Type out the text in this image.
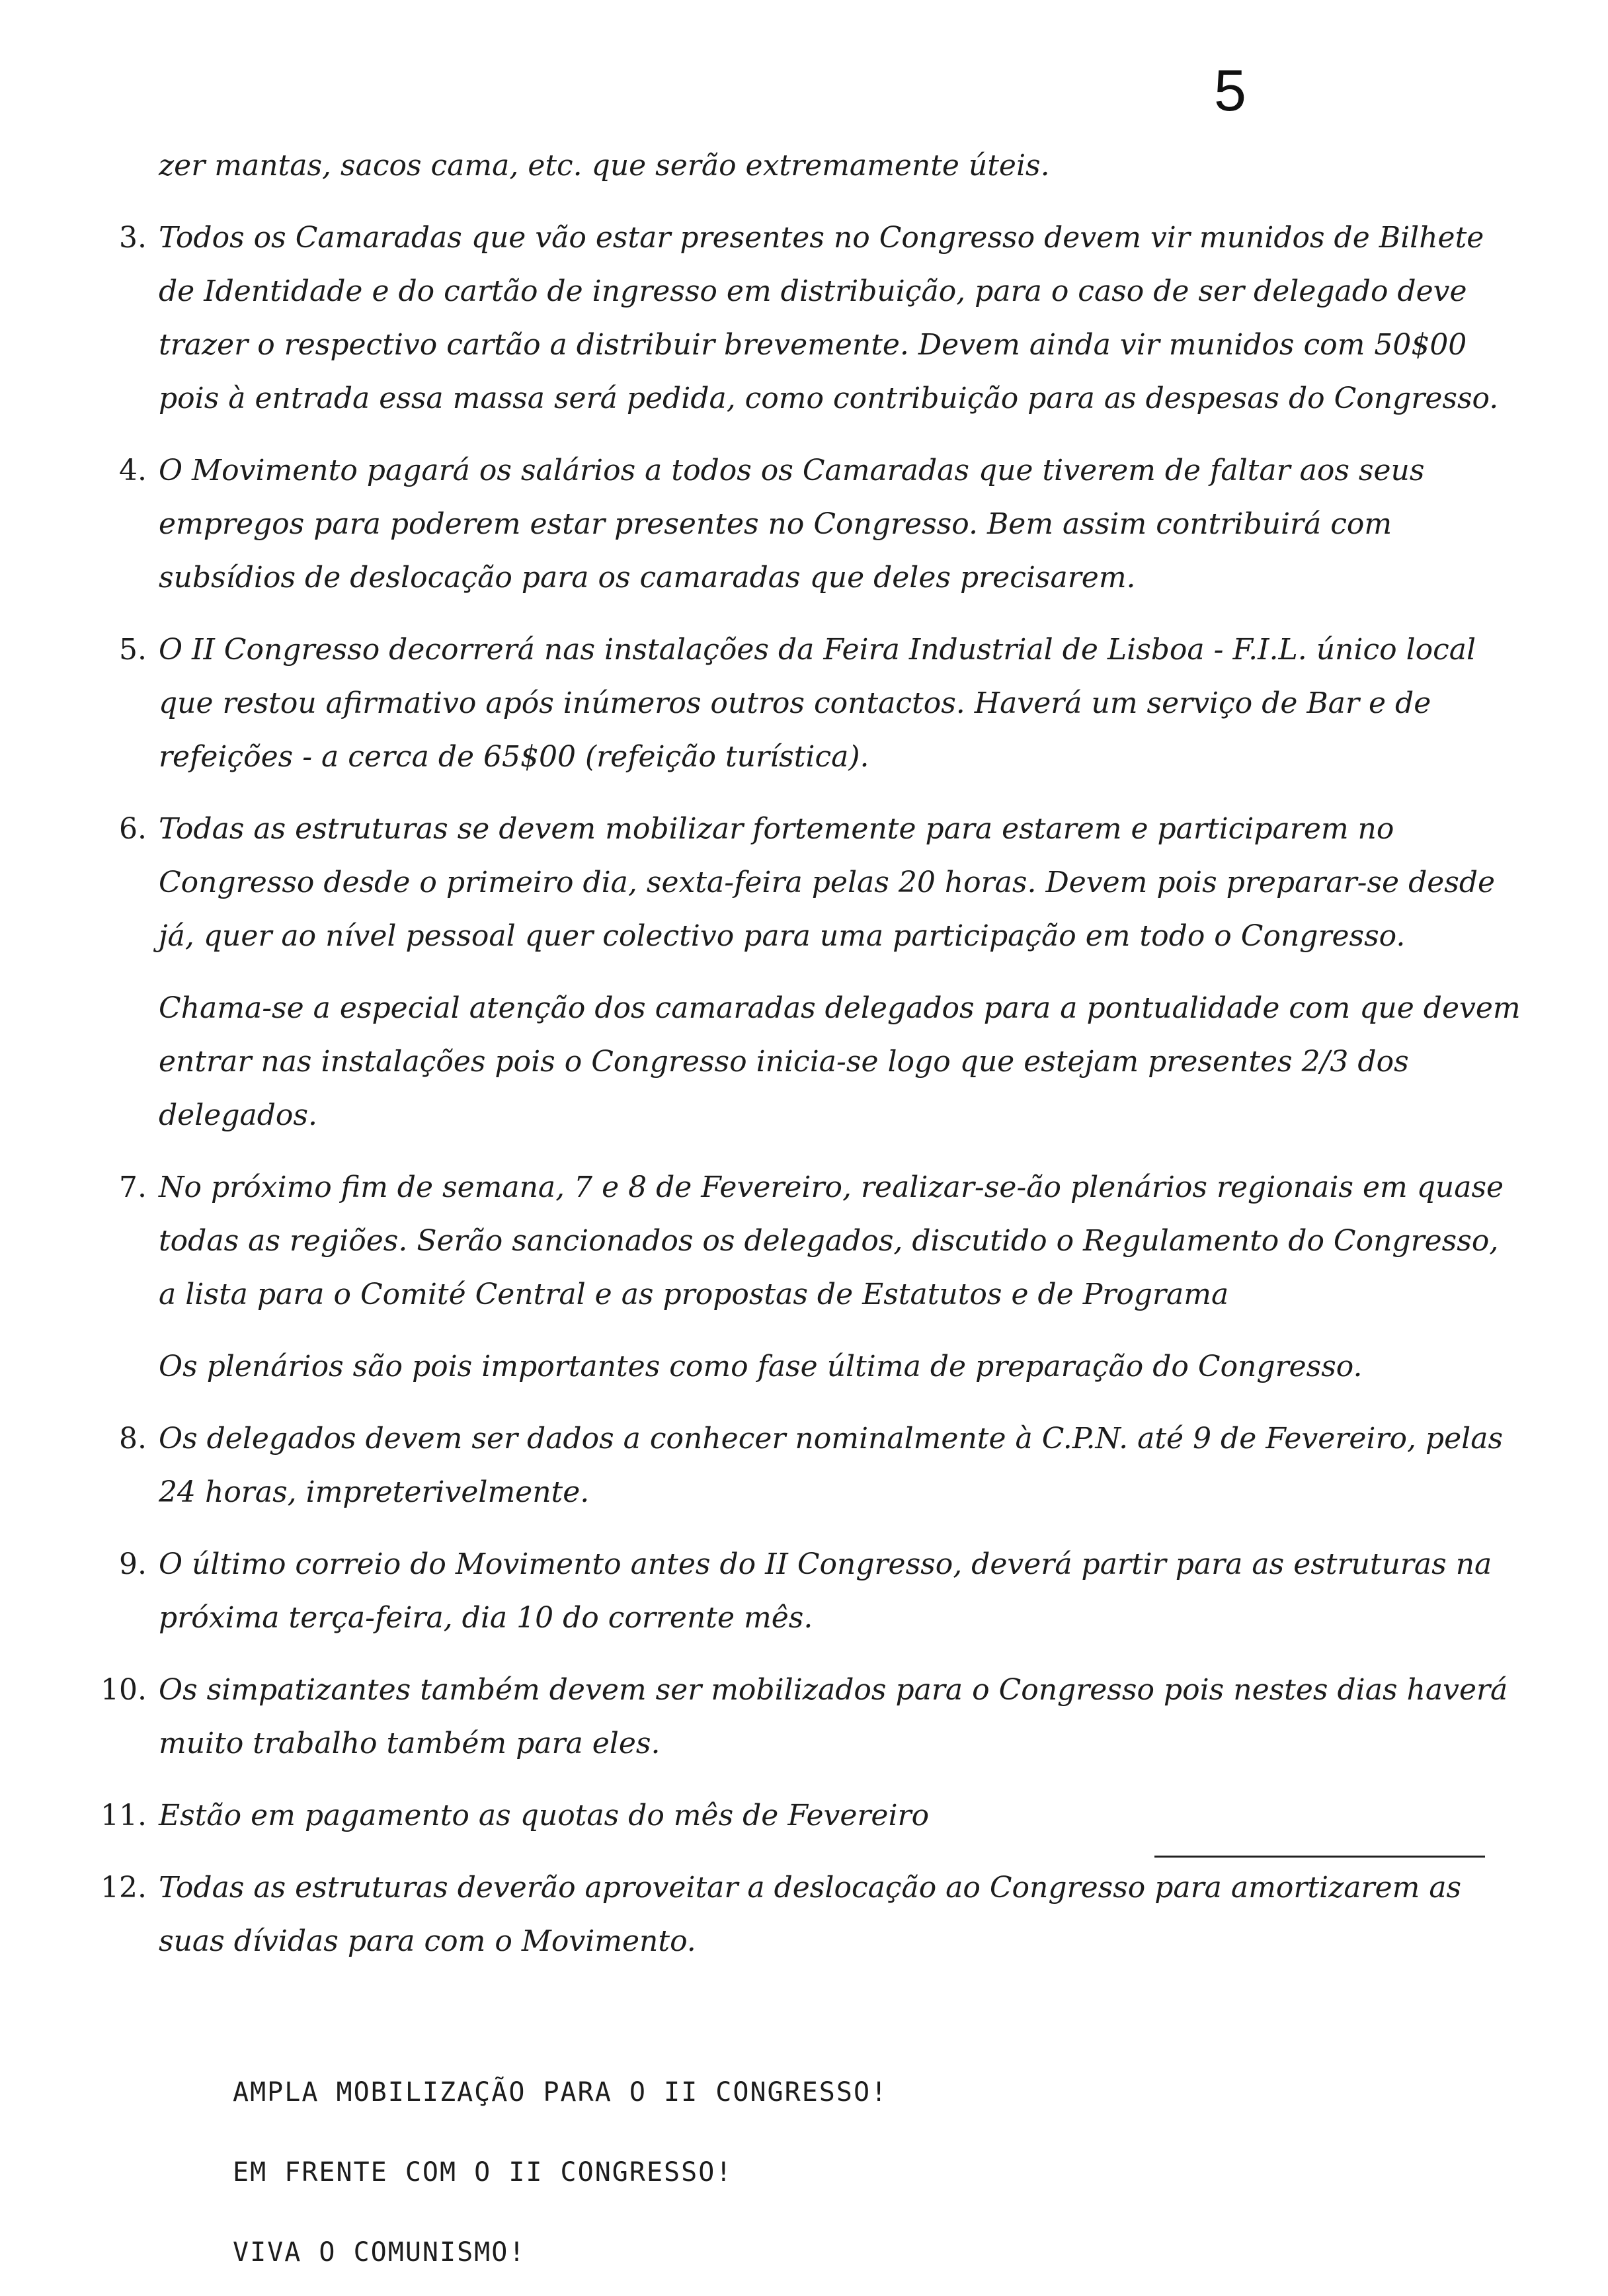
5
zer mantas, sacos cama, etc. que serão extremamente úteis.
3. Todos os Camaradas que vão estar presentes no Congresso devem vir munidos de Bilhete de Identidade e do cartão de ingresso em distribuição, para o caso de ser delegado deve trazer o respectivo cartão a distribuir brevemente. Devem ainda vir munidos com 50$00 pois à entrada essa massa será pedida, como contribuição para as despesas do Congresso.
4. O Movimento pagará os salários a todos os Camaradas que tiverem de faltar aos seus empregos para poderem estar presentes no Congresso. Bem assim contribuirá com subsídios de deslocação para os camaradas que deles precisarem.
5. O II Congresso decorrerá nas instalações da Feira Industrial de Lisboa - F.I.L. único local que restou afirmativo após inúmeros outros contactos. Haverá um serviço de Bar e de refeições - a cerca de 65$00 (refeição turística).
6. Todas as estruturas se devem mobilizar fortemente para estarem e participarem no Congresso desde o primeiro dia, sexta-feira pelas 20 horas. Devem pois preparar-se desde já, quer ao nível pessoal quer colectivo para uma participação em todo o Congresso.
Chama-se a especial atenção dos camaradas delegados para a pontualidade com que devem entrar nas instalações pois o Congresso inicia-se logo que estejam presentes 2/3 dos delegados.
7. No próximo fim de semana, 7 e 8 de Fevereiro, realizar-se-ão plenários regionais em quase todas as regiões. Serão sancionados os delegados, discutido o Regulamento do Congresso, a lista para o Comité Central e as propostas de Estatutos e de Programa
Os plenários são pois importantes como fase última de preparação do Congresso.
8. Os delegados devem ser dados a conhecer nominalmente à C.P.N. até 9 de Fevereiro, pelas 24 horas, impreterivelmente.
9. O último correio do Movimento antes do II Congresso, deverá partir para as estruturas na próxima terça-feira, dia 10 do corrente mês.
10. Os simpatizantes também devem ser mobilizados para o Congresso pois nestes dias haverá muito trabalho também para eles.
11. Estão em pagamento as quotas do mês de Fevereiro
12. Todas as estruturas deverão aproveitar a deslocação ao Congresso para amortizarem as suas dívidas para com o Movimento.
AMPLA MOBILIZAÇÃO PARA O II CONGRESSO!
EM FRENTE COM O II CONGRESSO!
VIVA O COMUNISMO!
